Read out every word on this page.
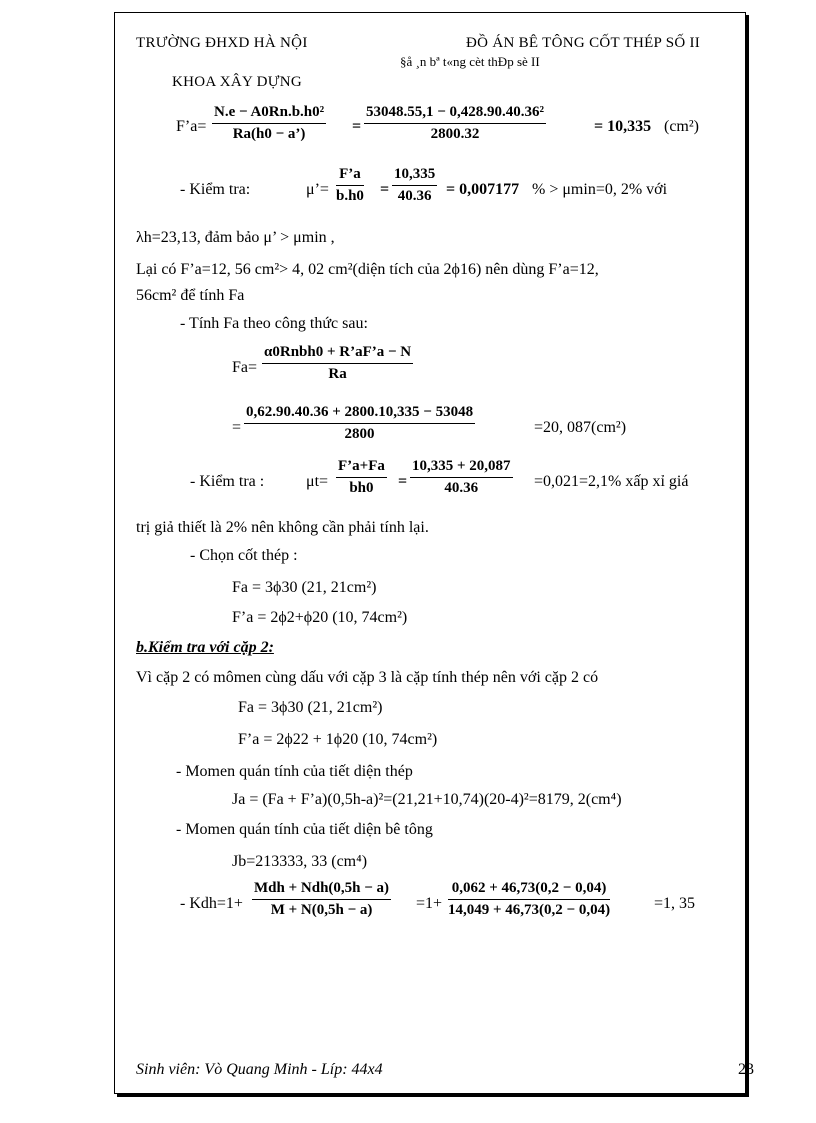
TRƯỜNG ĐHXD HÀ NỘI	ĐỒ ÁN BÊ TÔNG CỐT THÉP SỐ II
§å ¸n bª t«ng cèt thÐp sè II
KHOA XÂY DỰNG
F’a= $\frac{\text{N.e − A0Rn.b.h0²}}{Ra(h0 - a’)} = \frac{\text{53048.55,1 − 0,428.90.40.36²}}{2800.32}$	= 10,335 (cm²)
- Kiểm tra:	μ’= $\frac{F’a}{b.h0} = \frac{10,335}{40.36} = 0,007177$ % > μmin=0, 2% với
λh=23,13, đảm bảo μ’ > μmin ,
Lại có F’a=12, 56 cm²> 4, 02 cm²(diện tích của 2ϕ16) nên dùng F’a=12,
56cm² để tính Fa
- Tính Fa theo công thức sau:
Fa=
α0Rnbh0 + R’aF’a − N
Ra
= $\frac{0,62.90.40.36 + 2800.10,335 - 53048}{2800}$	=20, 087(cm²)
- Kiểm tra :	$\mu t= \frac{F’a+Fa}{bh0} = \frac{10,335 + 20,087}{40.36} =0,021=2,1\%$ xấp xỉ giá
trị giả thiết là 2% nên không cần phải tính lại.
- Chọn cốt thép :
Fa = 3ϕ30 (21, 21cm²)
F’a = 2ϕ2+ϕ20 (10, 74cm²)
b.Kiểm tra với cặp 2:
Vì cặp 2 có mômen cùng dấu với cặp 3 là cặp tính thép nên với cặp 2 có
Fa = 3ϕ30 (21, 21cm²)
F’a = 2ϕ22 + 1ϕ20 (10, 74cm²)
- Momen quán tính của tiết diện thép
Ja = (Fa + F’a)(0,5h-a)²=(21,21+10,74)(20-4)²=8179, 2(cm⁴)
- Momen quán tính của tiết diện bê tông
Jb=213333, 33 (cm⁴)
- Kdh=1+
Mdh + Ndh(0,5h − a)
M + N(0,5h − a)	$=1+ \frac{0,062 + 46,73(0,2 - 0,04)}{14,049 + 46,73(0,2 - 0,04)}$	=1, 35
Sinh viên: Vò Quang Minh - Líp: 44x4	23
